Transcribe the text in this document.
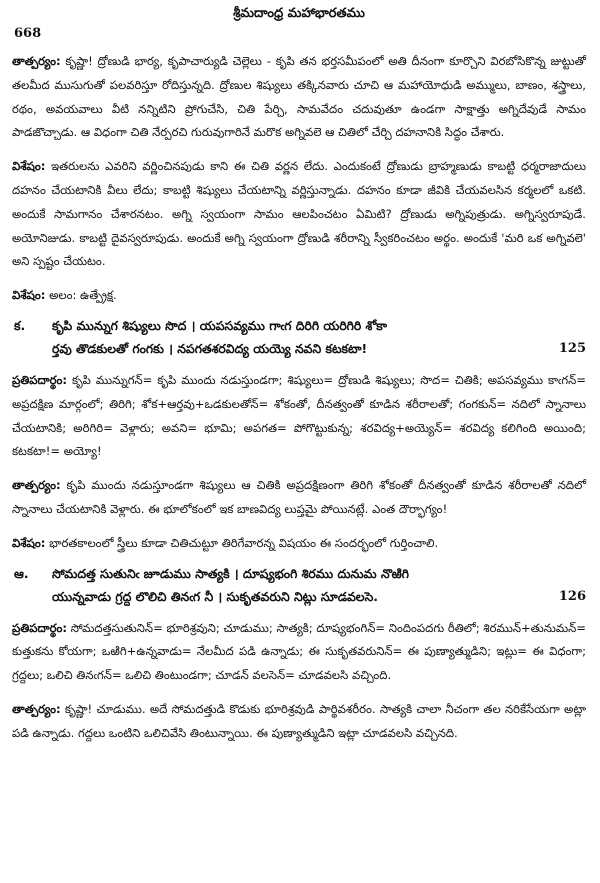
668
శ్రీమదాంధ్ర మహాభారతము

తాత్పర్యం: కృష్ణా! ద్రోణుడి భార్య, కృపాచార్యుడి చెల్లెలు - కృపి తన భర్తసమీపంలో అతి దీనంగా కూర్చొని విరబోసికొన్న జుట్టుతో తలమీద ముసుగుతో పలవరిస్తూ రోదిస్తున్నది. ద్రోణుల శిష్యులు తక్కినవారు చూచి ఆ మహాయోధుడి అమ్ములు, బాణం, శస్త్రాలు, రథం, అవయవాలు వీటి నన్నిటిని ప్రోగుచేసి, చితి పేర్చి, సామవేదం చదువుతూ ఉండగా సాక్షాత్తు అగ్నిదేవుడే సామం పాడజొచ్చాడు. ఆ విధంగా చితి నేర్పరచి గురువుగారినే మరొక అగ్నివలె ఆ చితిలో చేర్చి దహనానికి సిద్ధం చేశారు.

విశేషం: ఇతరులను ఎవరిని వర్ణించినపుడు కాని ఈ చితి వర్ణన లేదు. ఎందుకంటే ద్రోణుడు బ్రాహ్మణుడు కాబట్టి ధర్మరాజాదులు దహనం చేయటానికి వీలు లేదు; కాబట్టి శిష్యులు చేయటాన్ని వర్ణిస్తున్నాడు. దహనం కూడా జీవికి చేయవలసిన కర్మలలో ఒకటి. అందుకే సామగానం చేశారనటం. అగ్ని స్వయంగా సామం ఆలపించటం ఏమిటి? ద్రోణుడు అగ్నిపుత్రుడు. అగ్నిస్వరూపుడే. అయోనిజుడు. కాబట్టి దైవస్వరూపుడు. అందుకే అగ్ని స్వయంగా ద్రోణుడి శరీరాన్ని స్వీకరించటం అర్థం. అందుకే 'మరి ఒక అగ్నివలె' అని స్పష్టం చేయటం.

విశేషం: అలం: ఉత్ప్రేక్ష.

క.	కృపి మున్నుగ శిష్యులు సొద । యపసవ్యము గాఁగ దిరిగి యరిగిరి శోకా
ర్తవు తొడకులతో గంగకు । నపగతశరవిద్య యయ్యె నవని కటకటా!	125

ప్రతిపదార్థం: కృపి మున్నుగన్= కృపి ముందు నడుస్తుండగా; శిష్యులు= ద్రోణుడి శిష్యులు; సొద= చితికి; అపసవ్యము కాఁగన్= అప్రదక్షిణ మార్గంలో; తిరిగి; శోక+ఆర్తవు+ఒడకులతోన్= శోకంతో, దీనత్వంతో కూడిన శరీరాలతో; గంగకున్= నదిలో స్నానాలు చేయటానికి; అరిగిరి= వెళ్లారు; అవని= భూమి; అపగత= పోగొట్టుకున్న; శరవిద్య+అయ్యెన్= శరవిద్య కలిగింది అయింది; కటకటా!= అయ్యో!

తాత్పర్యం: కృపి ముందు నడుస్తూండగా శిష్యులు ఆ చితికి అప్రదక్షిణంగా తిరిగి శోకంతో దీనత్వంతో కూడిన శరీరాలతో నదిలో స్నానాలు చేయటానికి వెళ్లారు. ఈ భూలోకంలో ఇక బాణవిద్య లుప్తమై పోయినట్లే. ఎంత దౌర్భాగ్యం!

విశేషం: భారతకాలంలో స్త్రీలు కూడా చితిచుట్టూ తిరిగేవారన్న విషయం ఈ సందర్భంలో గుర్తించాలి.

ఆ.	సోమదత్త సుతునిఁ జూడుము సాత్యకి । దూష్యభంగి శిరము దునుమ నొఱిగి
యున్నవాడు గ్రద్ద లొలిచి తినఁగ నీ । సుకృతవరుని నిట్లు సూడవలసె.	126

ప్రతిపదార్థం: సోమదత్తసుతునిన్= భూరిశ్రవుని; చూడుము; సాత్యకి; దూష్యభంగిన్= నిందింపదగు రీతిలో; శిరమున్+తునుమన్= కుత్తుకను కోయగా; ఒఱిగి+ఉన్నవాడు= నేలమీద పడి ఉన్నాడు; ఈ సుకృతవరునిన్= ఈ పుణ్యాత్ముడిని; ఇట్లు= ఈ విధంగా; గ్రద్దలు; ఒలిచి తినఁగన్= ఒలిచి తింటుండగా; చూడన్ వలసెన్= చూడవలసి వచ్చింది.

తాత్పర్యం: కృష్ణా! చూడుము. అదే సోమదత్తుడి కొడుకు భూరిశ్రవుడి పార్థివశరీరం. సాత్యకి చాలా నీచంగా తల నరికేసేయగా అట్లా పడి ఉన్నాడు. గద్దలు ఒంటిని ఒలిచివేసి తింటున్నాయి. ఈ పుణ్యాత్ముడిని ఇట్లా చూడవలసి వచ్చినది.
